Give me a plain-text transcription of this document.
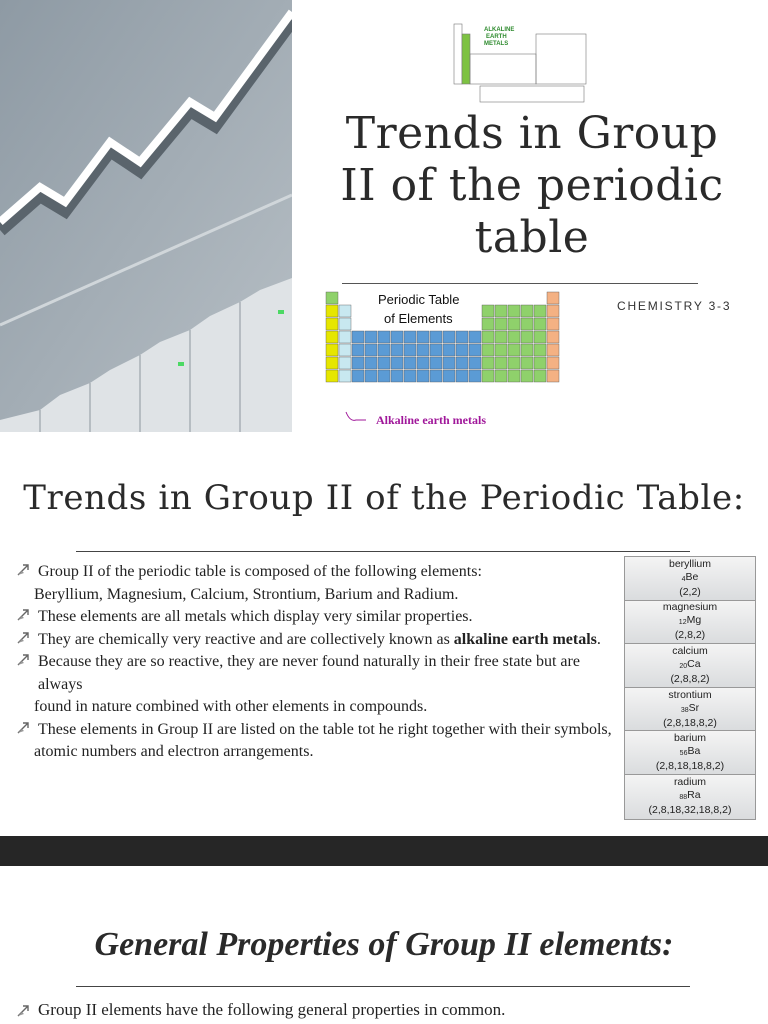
ALKALINE
EARTH
METALS
Trends in Group II of the periodic table
CHEMISTRY 3-3
Periodic Table
of Elements
Alkaline earth metals
Trends in Group II of the Periodic Table:
Group II of the periodic table is composed of the following elements:
Beryllium, Magnesium, Calcium, Strontium, Barium and Radium.
These elements are all metals which display very similar properties.
They are chemically very reactive and are collectively known as alkaline earth metals.
Because they are so reactive, they are never found naturally in their free state but are always
found in nature combined with other elements in compounds.
These elements in Group II are listed on the table tot he right together with their symbols,
atomic numbers and electron arrangements.
beryllium
$_4$Be
(2,2)
magnesium
$_{12}$Mg
(2,8,2)
calcium
$_{20}$Ca
(2,8,8,2)
strontium
$_{38}$Sr
(2,8,18,8,2)
barium
$_{56}$Ba
(2,8,18,18,8,2)
radium
$_{88}$Ra
(2,8,18,32,18,8,2)
General Properties of Group II elements:
Group II elements have the following general properties in common.
